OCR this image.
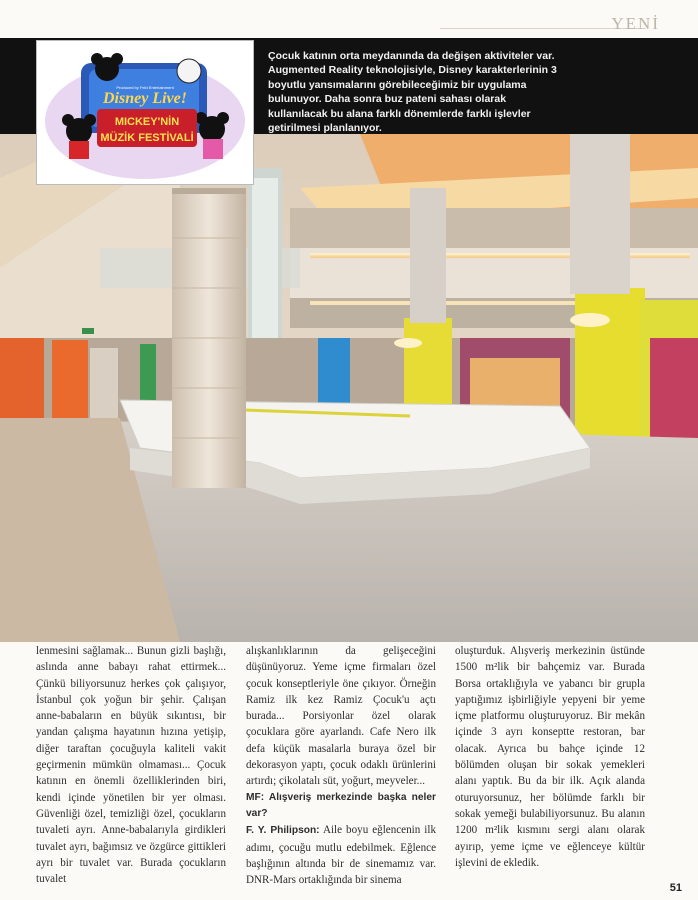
YENİ
Çocuk katının orta meydanında da değişen aktiviteler var. Augmented Reality teknolojisiyle, Disney karakterlerinin 3 boyutlu yansımalarını görebileceğimiz bir uygulama bulunuyor. Daha sonra buz pateni sahası olarak kullanılacak bu alana farklı dönemlerde farklı işlevler getirilmesi planlanıyor.
Disney Live!
Produced by Feld Entertainment
MICKEY'NİN
MÜZİK FESTİVALİ

lenmesini sağlamak... Bunun gizli başlığı, aslında anne babayı rahat ettirmek... Çünkü biliyorsunuz herkes çok çalışıyor, İstanbul çok yoğun bir şehir. Çalışan anne-babaların en büyük sıkıntısı, bir yandan çalışma hayatının hızına yetişip, diğer taraftan çocuğuyla kaliteli vakit geçirmenin mümkün olmaması... Çocuk katının en önemli özelliklerinden biri, kendi içinde yönetilen bir yer olması. Güvenliği özel, temizliği özel, çocukların tuvaleti ayrı. Anne-babalarıyla girdikleri tuvalet ayrı, bağımsız ve özgürce gittikleri ayrı bir tuvalet var. Burada çocukların tuvalet

alışkanlıklarının da gelişeceğini düşünüyoruz. Yeme içme firmaları özel çocuk konseptleriyle öne çıkıyor. Örneğin Ramiz ilk kez Ramiz Çocuk'u açtı burada... Porsiyonlar özel olarak çocuklara göre ayarlandı. Cafe Nero ilk defa küçük masalarla buraya özel bir dekorasyon yaptı, çocuk odaklı ürünlerini artırdı; çikolatalı süt, yoğurt, meyveler...

MF: Alışveriş merkezinde başka neler var?

F. Y. Philipson: Aile boyu eğlencenin ilk adımı, çocuğu mutlu edebilmek. Eğlence başlığının altında bir de sinemamız var. DNR-Mars ortaklığında bir sinema

oluşturduk. Alışveriş merkezinin üstünde 1500 m²lik bir bahçemiz var. Burada Borsa ortaklığıyla ve yabancı bir grupla yaptığımız işbirliğiyle yepyeni bir yeme içme platformu oluşturuyoruz. Bir mekân içinde 3 ayrı konseptte restoran, bar olacak. Ayrıca bu bahçe içinde 12 bölümden oluşan bir sokak yemekleri alanı yaptık. Bu da bir ilk. Açık alanda oturuyorsunuz, her bölümde farklı bir sokak yemeği bulabiliyorsunuz. Bu alanın 1200 m²lik kısmını sergi alanı olarak ayırıp, yeme içme ve eğlenceye kültür işlevini de ekledik.

51
